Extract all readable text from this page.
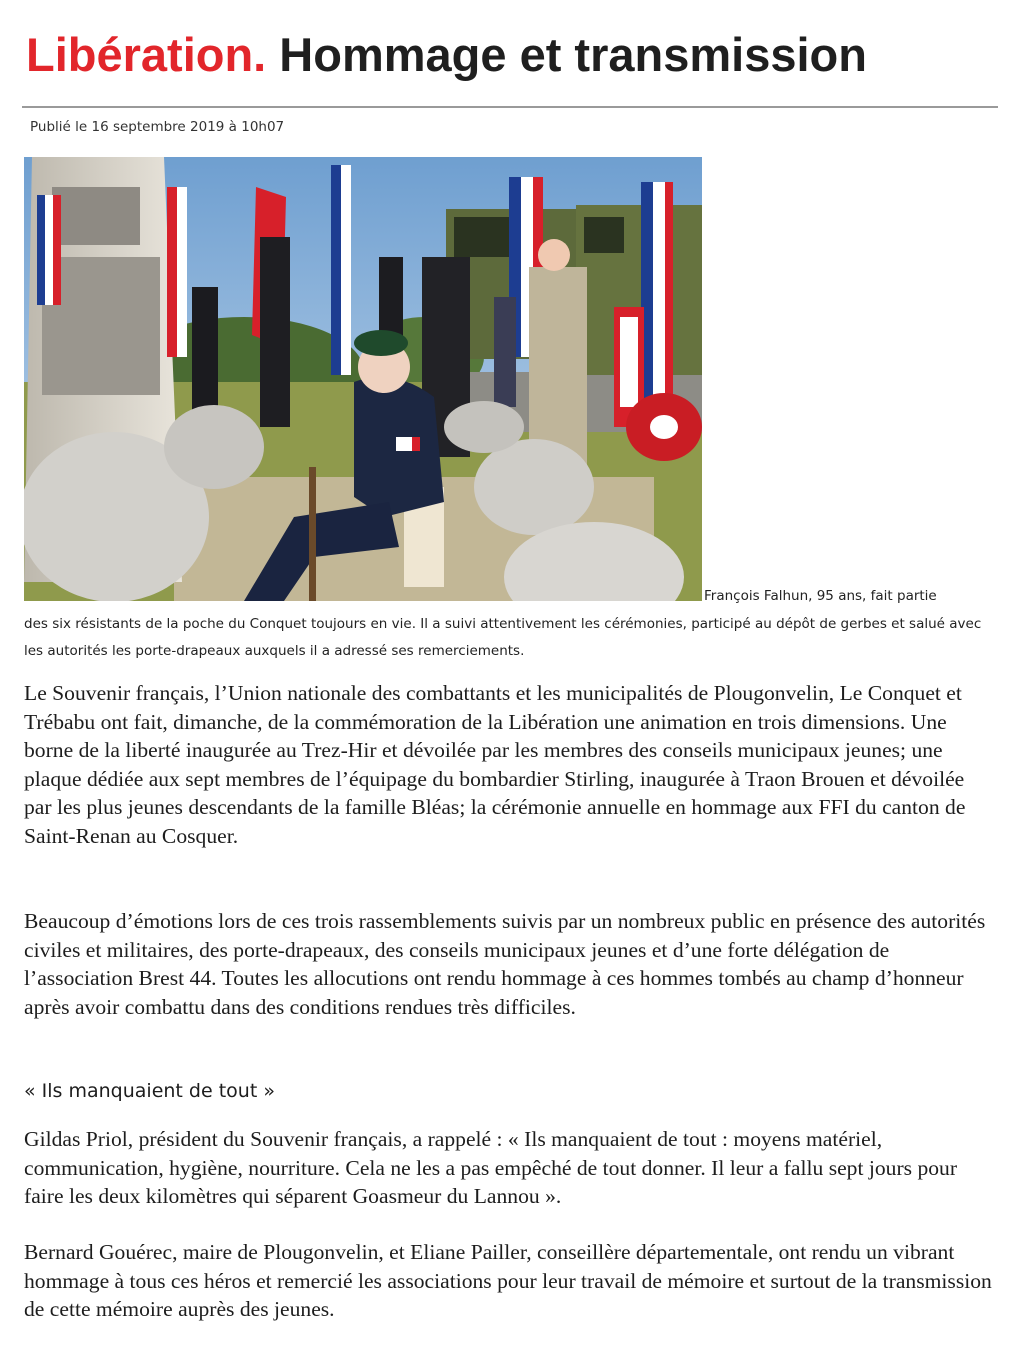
Libération. Hommage et transmission
Publié le 16 septembre 2019 à 10h07
François Falhun, 95 ans, fait partie
des six résistants de la poche du Conquet toujours en vie. Il a suivi attentivement les cérémonies, participé au dépôt de gerbes et salué avec les autorités les porte-drapeaux auxquels il a adressé ses remerciements.

Le Souvenir français, l’Union nationale des combattants et les municipalités de Plougonvelin, Le Conquet et Trébabu ont fait, dimanche, de la commémoration de la Libération une animation en trois dimensions. Une borne de la liberté inaugurée au Trez-Hir et dévoilée par les membres des conseils municipaux jeunes; une plaque dédiée aux sept membres de l’équipage du bombardier Stirling, inaugurée à Traon Brouen et dévoilée par les plus jeunes descendants de la famille Bléas; la cérémonie annuelle en hommage aux FFI du canton de Saint-Renan au Cosquer.

Beaucoup d’émotions lors de ces trois rassemblements suivis par un nombreux public en présence des autorités civiles et militaires, des porte-drapeaux, des conseils municipaux jeunes et d’une forte délégation de l’association Brest 44. Toutes les allocutions ont rendu hommage à ces hommes tombés au champ d’honneur après avoir combattu dans des conditions rendues très difficiles.

« Ils manquaient de tout »

Gildas Priol, président du Souvenir français, a rappelé : « Ils manquaient de tout : moyens matériel, communication, hygiène, nourriture. Cela ne les a pas empêché de tout donner. Il leur a fallu sept jours pour faire les deux kilomètres qui séparent Goasmeur du Lannou ».

Bernard Gouérec, maire de Plougonvelin, et Eliane Pailler, conseillère départementale, ont rendu un vibrant hommage à tous ces héros et remercié les associations pour leur travail de mémoire et surtout de la transmission de cette mémoire auprès des jeunes.
